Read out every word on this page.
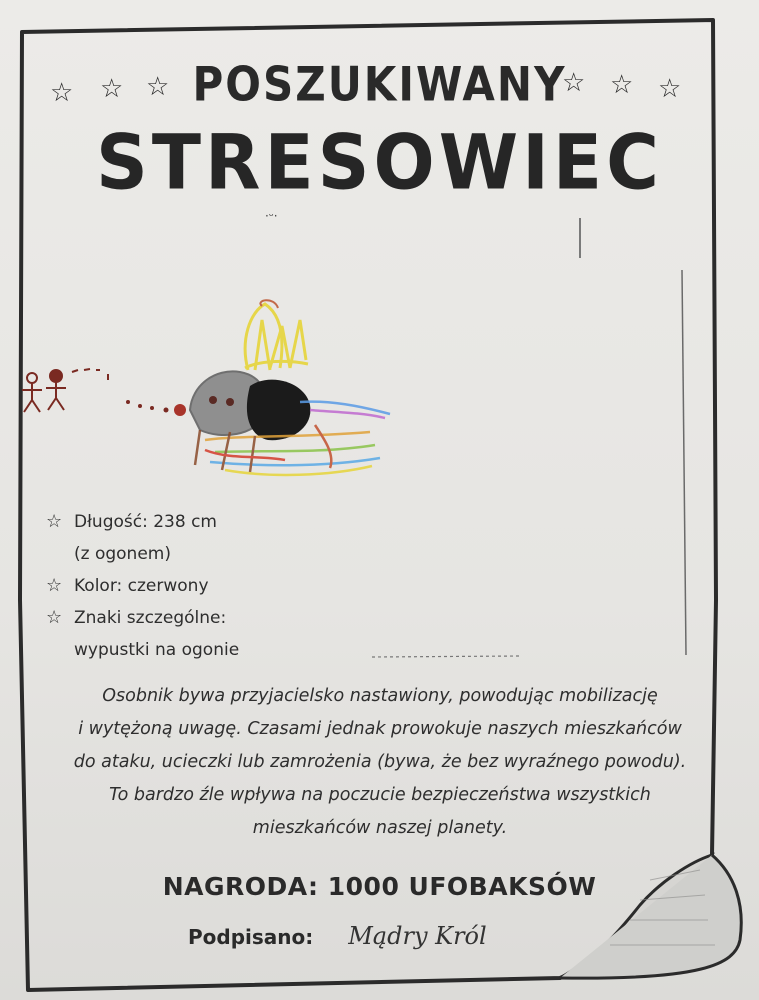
·ᵕ·
☆ ☆ ☆	☆ ☆ ☆
POSZUKIWANY
STRESOWIEC
☆ Długość: 238 cm
(z ogonem)
☆ Kolor: czerwony
☆ Znaki szczególne:
wypustki na ogonie
Osobnik bywa przyjacielsko nastawiony, powodując mobilizację
i wytężoną uwagę. Czasami jednak prowokuje naszych mieszkańców
do ataku, ucieczki lub zamrożenia (bywa, że bez wyraźnego powodu).
To bardzo źle wpływa na poczucie bezpieczeństwa wszystkich
mieszkańców naszej planety.
NAGRODA: 1000 UFOBAKSÓW
Podpisano: Mądry Król
